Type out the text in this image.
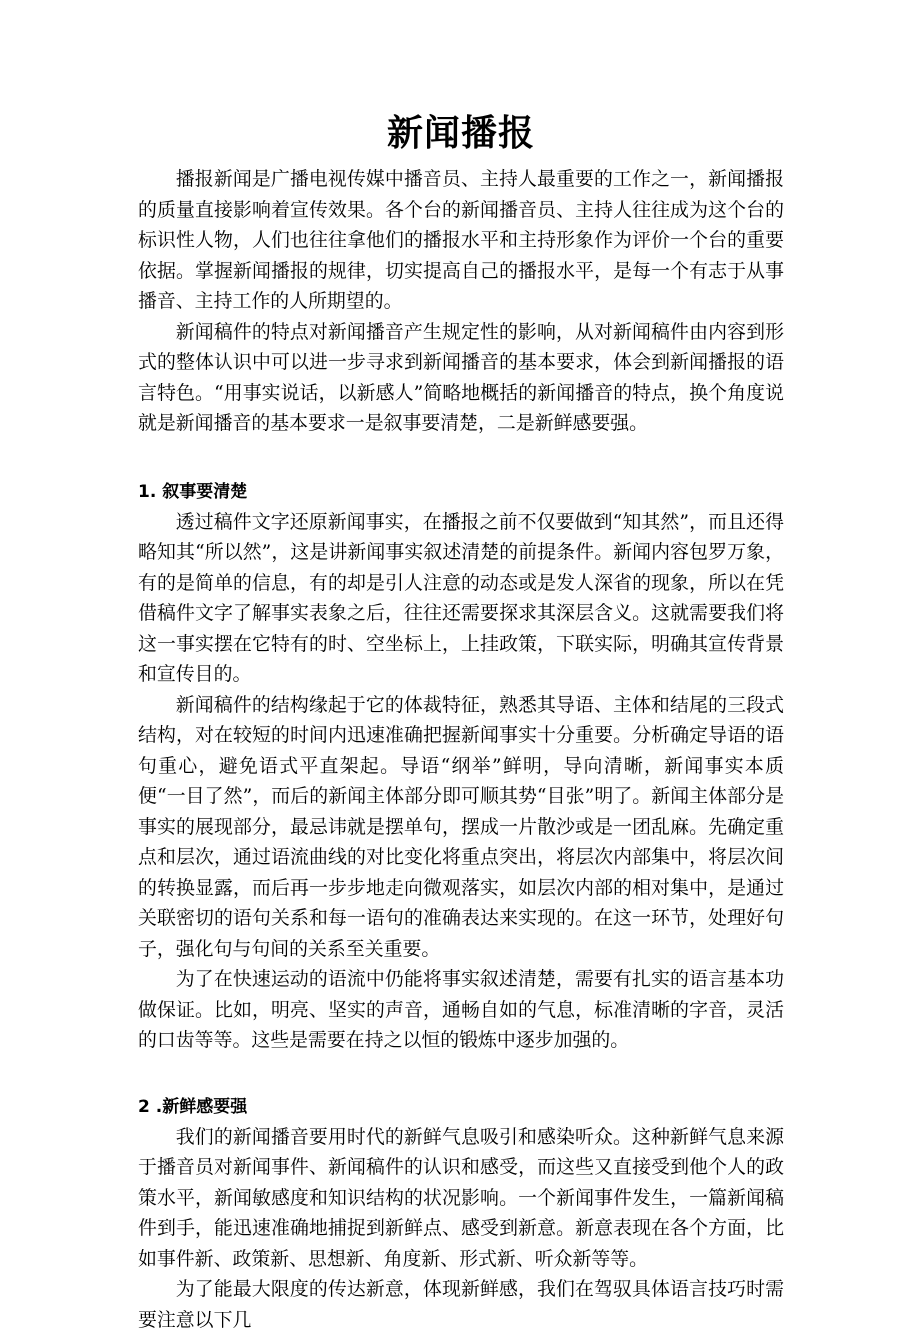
新闻播报

播报新闻是广播电视传媒中播音员、主持人最重要的工作之一，新闻播报的质量直接影响着宣传效果。各个台的新闻播音员、主持人往往成为这个台的标识性人物，人们也往往拿他们的播报水平和主持形象作为评价一个台的重要依据。掌握新闻播报的规律，切实提高自己的播报水平，是每一个有志于从事播音、主持工作的人所期望的。

新闻稿件的特点对新闻播音产生规定性的影响，从对新闻稿件由内容到形式的整体认识中可以进一步寻求到新闻播音的基本要求，体会到新闻播报的语言特色。“用事实说话，以新感人”简略地概括的新闻播音的特点，换个角度说就是新闻播音的基本要求一是叙事要清楚，二是新鲜感要强。

1. 叙事要清楚

透过稿件文字还原新闻事实，在播报之前不仅要做到“知其然”，而且还得略知其“所以然”，这是讲新闻事实叙述清楚的前提条件。新闻内容包罗万象，有的是简单的信息，有的却是引人注意的动态或是发人深省的现象，所以在凭借稿件文字了解事实表象之后，往往还需要探求其深层含义。这就需要我们将这一事实摆在它特有的时、空坐标上，上挂政策，下联实际，明确其宣传背景和宣传目的。

新闻稿件的结构缘起于它的体裁特征，熟悉其导语、主体和结尾的三段式结构，对在较短的时间内迅速准确把握新闻事实十分重要。分析确定导语的语句重心，避免语式平直架起。导语“纲举”鲜明，导向清晰，新闻事实本质便“一目了然”，而后的新闻主体部分即可顺其势“目张”明了。新闻主体部分是事实的展现部分，最忌讳就是摆单句，摆成一片散沙或是一团乱麻。先确定重点和层次，通过语流曲线的对比变化将重点突出，将层次内部集中，将层次间的转换显露，而后再一步步地走向微观落实，如层次内部的相对集中，是通过关联密切的语句关系和每一语句的准确表达来实现的。在这一环节，处理好句子，强化句与句间的关系至关重要。

为了在快速运动的语流中仍能将事实叙述清楚，需要有扎实的语言基本功做保证。比如，明亮、坚实的声音，通畅自如的气息，标准清晰的字音，灵活的口齿等等。这些是需要在持之以恒的锻炼中逐步加强的。

2 .新鲜感要强

我们的新闻播音要用时代的新鲜气息吸引和感染听众。这种新鲜气息来源于播音员对新闻事件、新闻稿件的认识和感受，而这些又直接受到他个人的政策水平，新闻敏感度和知识结构的状况影响。一个新闻事件发生，一篇新闻稿件到手，能迅速准确地捕捉到新鲜点、感受到新意。新意表现在各个方面，比如事件新、政策新、思想新、角度新、形式新、听众新等等。

为了能最大限度的传达新意，体现新鲜感，我们在驾驭具体语言技巧时需要注意以下几
